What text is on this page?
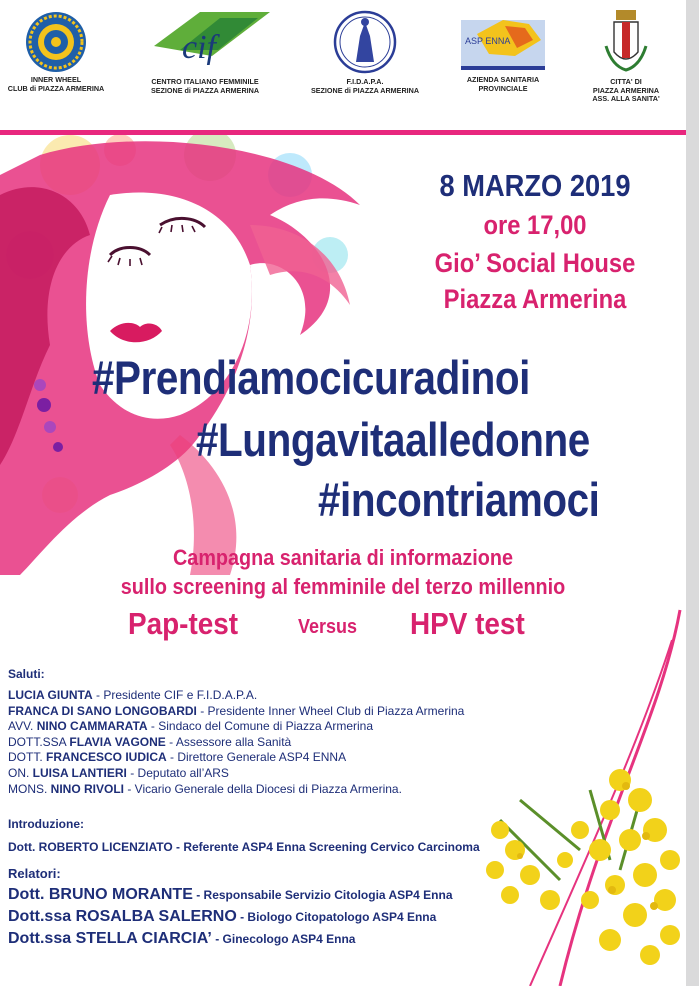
INNER WHEEL
CLUB di PIAZZA ARMERINA
cif
CENTRO ITALIANO FEMMINILE
SEZIONE di PIAZZA ARMERINA
F.I.D.A.P.A.
SEZIONE di PIAZZA ARMERINA
ASP ENNA
AZIENDA SANITARIA
PROVINCIALE
CITTA' DI
PIAZZA ARMERINA
ASS. ALLA SANITA'
8 MARZO 2019
ore 17,00
Gio’ Social House
Piazza Armerina
#Prendiamocicuradinoi
#Lungavitaalledonne
#incontriamoci
Campagna sanitaria di informazione
sullo screening al femminile del terzo millennio
Pap-test	Versus HPV test
Saluti:
LUCIA GIUNTA - Presidente CIF e F.I.D.A.P.A.
FRANCA DI SANO LONGOBARDI - Presidente Inner Wheel Club di Piazza Armerina
AVV. NINO CAMMARATA - Sindaco del Comune di Piazza Armerina
DOTT.SSA FLAVIA VAGONE - Assessore alla Sanità
DOTT. FRANCESCO IUDICA - Direttore Generale ASP4 ENNA
ON. LUISA LANTIERI - Deputato all’ARS
MONS. NINO RIVOLI - Vicario Generale della Diocesi di Piazza Armerina.
Introduzione:
Dott. ROBERTO LICENZIATO - Referente ASP4 Enna Screening Cervico Carcinoma
Relatori:
Dott. BRUNO MORANTE - Responsabile Servizio Citologia ASP4 Enna
Dott.ssa ROSALBA SALERNO - Biologo Citopatologo ASP4 Enna
Dott.ssa STELLA CIARCIA’ - Ginecologo ASP4 Enna
